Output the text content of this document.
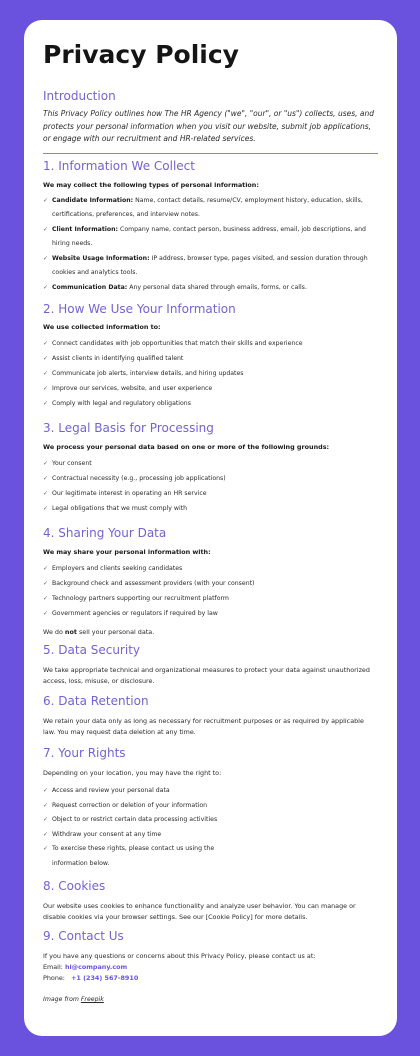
Privacy Policy
Introduction

This Privacy Policy outlines how The HR Agency ("we", "our", or "us") collects, uses, and protects your personal information when you visit our website, submit job applications, or engage with our recruitment and HR-related services.

1. Information We Collect

We may collect the following types of personal information:

✓ Candidate Information: Name, contact details, resume/CV, employment history, education, skills, certifications, preferences, and interview notes.
✓ Client Information: Company name, contact person, business address, email, job descriptions, and hiring needs.
✓ Website Usage Information: IP address, browser type, pages visited, and session duration through cookies and analytics tools.
✓ Communication Data: Any personal data shared through emails, forms, or calls.
2. How We Use Your Information

We use collected information to:

✓ Connect candidates with job opportunities that match their skills and experience
✓ Assist clients in identifying qualified talent
✓ Communicate job alerts, interview details, and hiring updates
✓ Improve our services, website, and user experience
✓ Comply with legal and regulatory obligations
3. Legal Basis for Processing

We process your personal data based on one or more of the following grounds:

✓ Your consent
✓ Contractual necessity (e.g., processing job applications)
✓ Our legitimate interest in operating an HR service
✓ Legal obligations that we must comply with
4. Sharing Your Data

We may share your personal information with:

✓ Employers and clients seeking candidates
✓ Background check and assessment providers (with your consent)
✓ Technology partners supporting our recruitment platform
✓ Government agencies or regulators if required by law

We do not sell your personal data.

5. Data Security

We take appropriate technical and organizational measures to protect your data against unauthorized access, loss, misuse, or disclosure.

6. Data Retention

We retain your data only as long as necessary for recruitment purposes or as required by applicable law. You may request data deletion at any time.

7. Your Rights

Depending on your location, you may have the right to:

✓ Access and review your personal data
✓ Request correction or deletion of your information
✓ Object to or restrict certain data processing activities
✓ Withdraw your consent at any time
✓ To exercise these rights, please contact us using the information below.
8. Cookies

Our website uses cookies to enhance functionality and analyze user behavior. You can manage or disable cookies via your browser settings. See our [Cookie Policy] for more details.

9. Contact Us

If you have any questions or concerns about this Privacy Policy, please contact us at:

Email: hi@company.com

Phone: +1 (234) 567-8910

Image from Freepik
